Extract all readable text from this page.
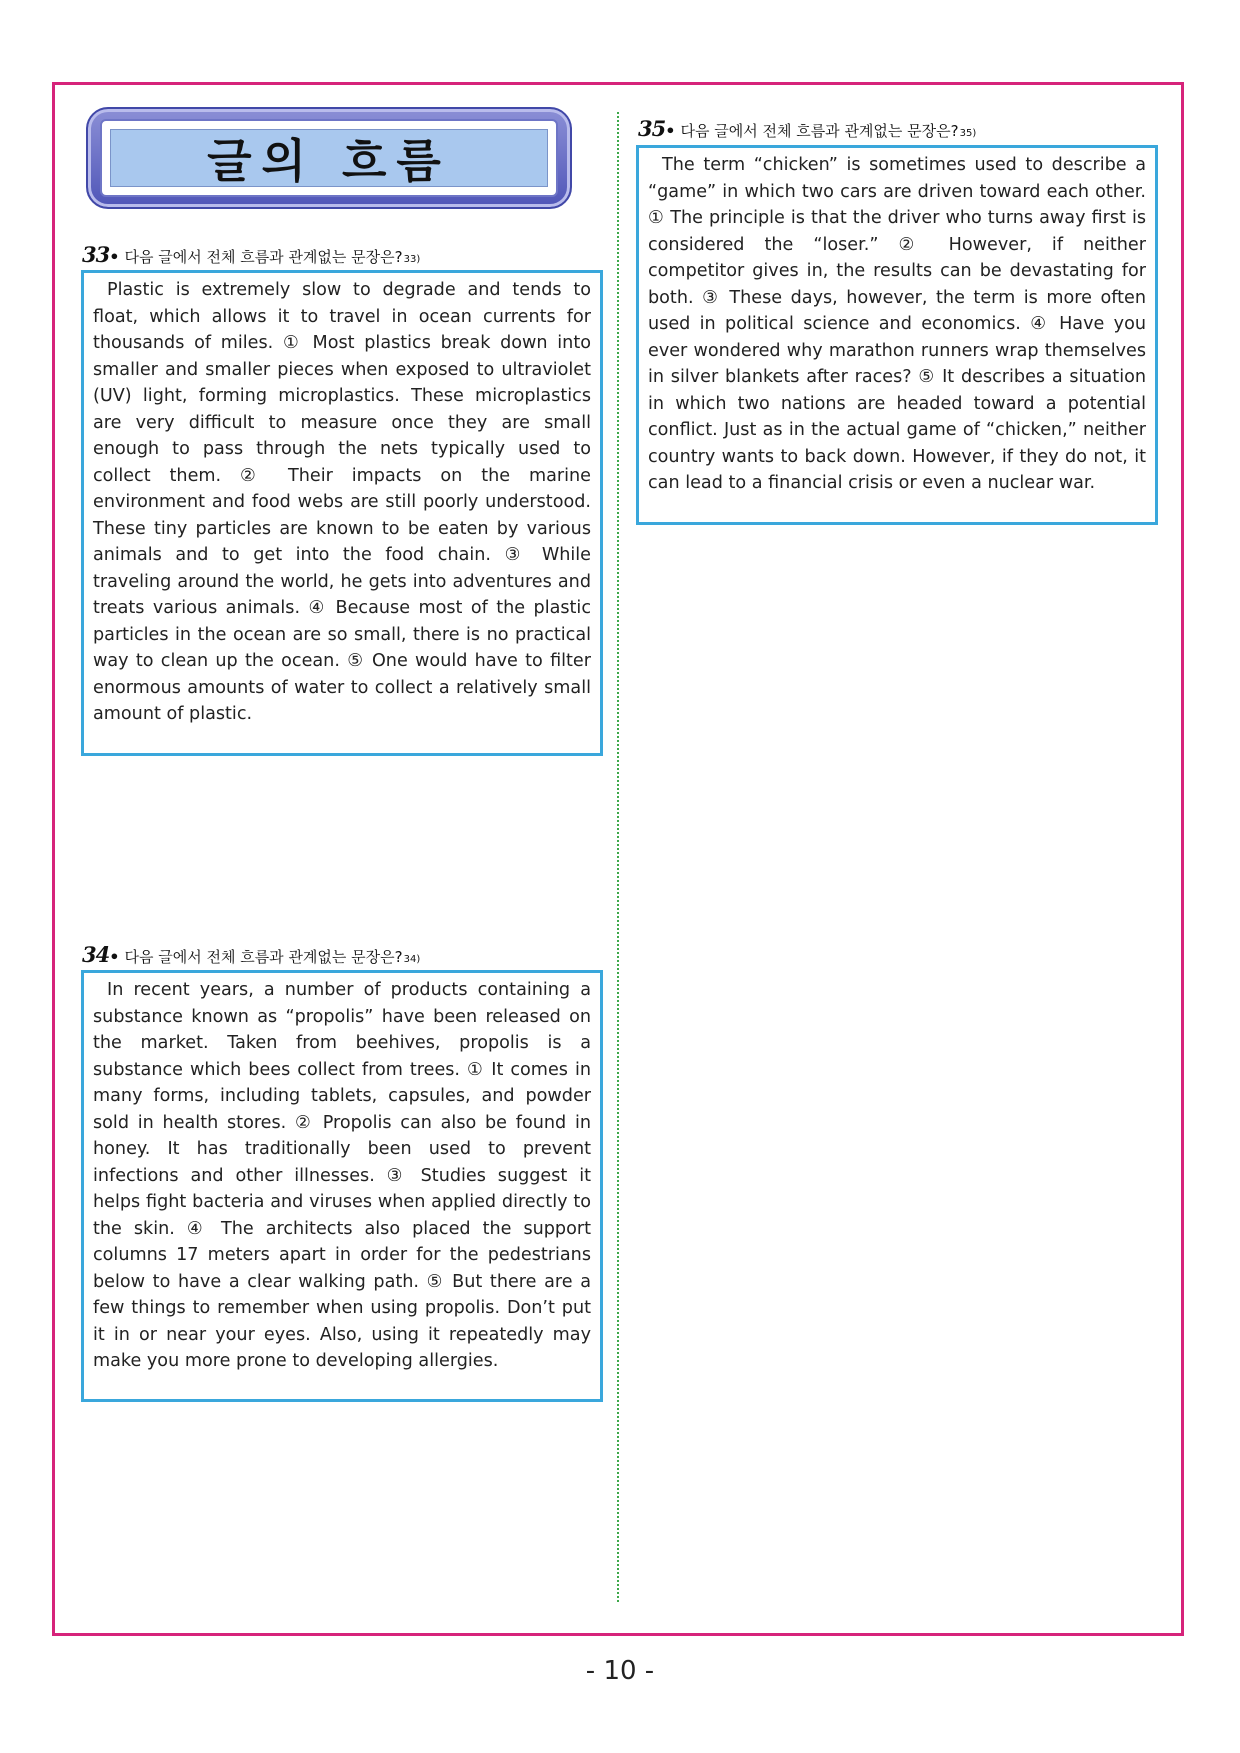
글의 흐름
33• 다음 글에서 전체 흐름과 관계없는 문장은? 33)

Plastic is extremely slow to degrade and tends to float, which allows it to travel in ocean currents for thousands of miles. ① Most plastics break down into smaller and smaller pieces when exposed to ultraviolet (UV) light, forming microplastics. These microplastics are very difficult to measure once they are small enough to pass through the nets typically used to collect them. ② Their impacts on the marine environment and food webs are still poorly understood. These tiny particles are known to be eaten by various animals and to get into the food chain. ③ While traveling around the world, he gets into adventures and treats various animals. ④ Because most of the plastic particles in the ocean are so small, there is no practical way to clean up the ocean. ⑤ One would have to filter enormous amounts of water to collect a relatively small amount of plastic.

34• 다음 글에서 전체 흐름과 관계없는 문장은? 34)

In recent years, a number of products containing a substance known as “propolis” have been released on the market. Taken from beehives, propolis is a substance which bees collect from trees. ① It comes in many forms, including tablets, capsules, and powder sold in health stores. ② Propolis can also be found in honey. It has traditionally been used to prevent infections and other illnesses. ③ Studies suggest it helps fight bacteria and viruses when applied directly to the skin. ④ The architects also placed the support columns 17 meters apart in order for the pedestrians below to have a clear walking path. ⑤ But there are a few things to remember when using propolis. Don’t put it in or near your eyes. Also, using it repeatedly may make you more prone to developing allergies.

35• 다음 글에서 전체 흐름과 관계없는 문장은? 35)

The term “chicken” is sometimes used to describe a “game” in which two cars are driven toward each other. ① The principle is that the driver who turns away first is considered the “loser.” ② However, if neither competitor gives in, the results can be devastating for both. ③ These days, however, the term is more often used in political science and economics. ④ Have you ever wondered why marathon runners wrap themselves in silver blankets after races? ⑤ It describes a situation in which two nations are headed toward a potential conflict. Just as in the actual game of “chicken,” neither country wants to back down. However, if they do not, it can lead to a financial crisis or even a nuclear war.

- 10 -
